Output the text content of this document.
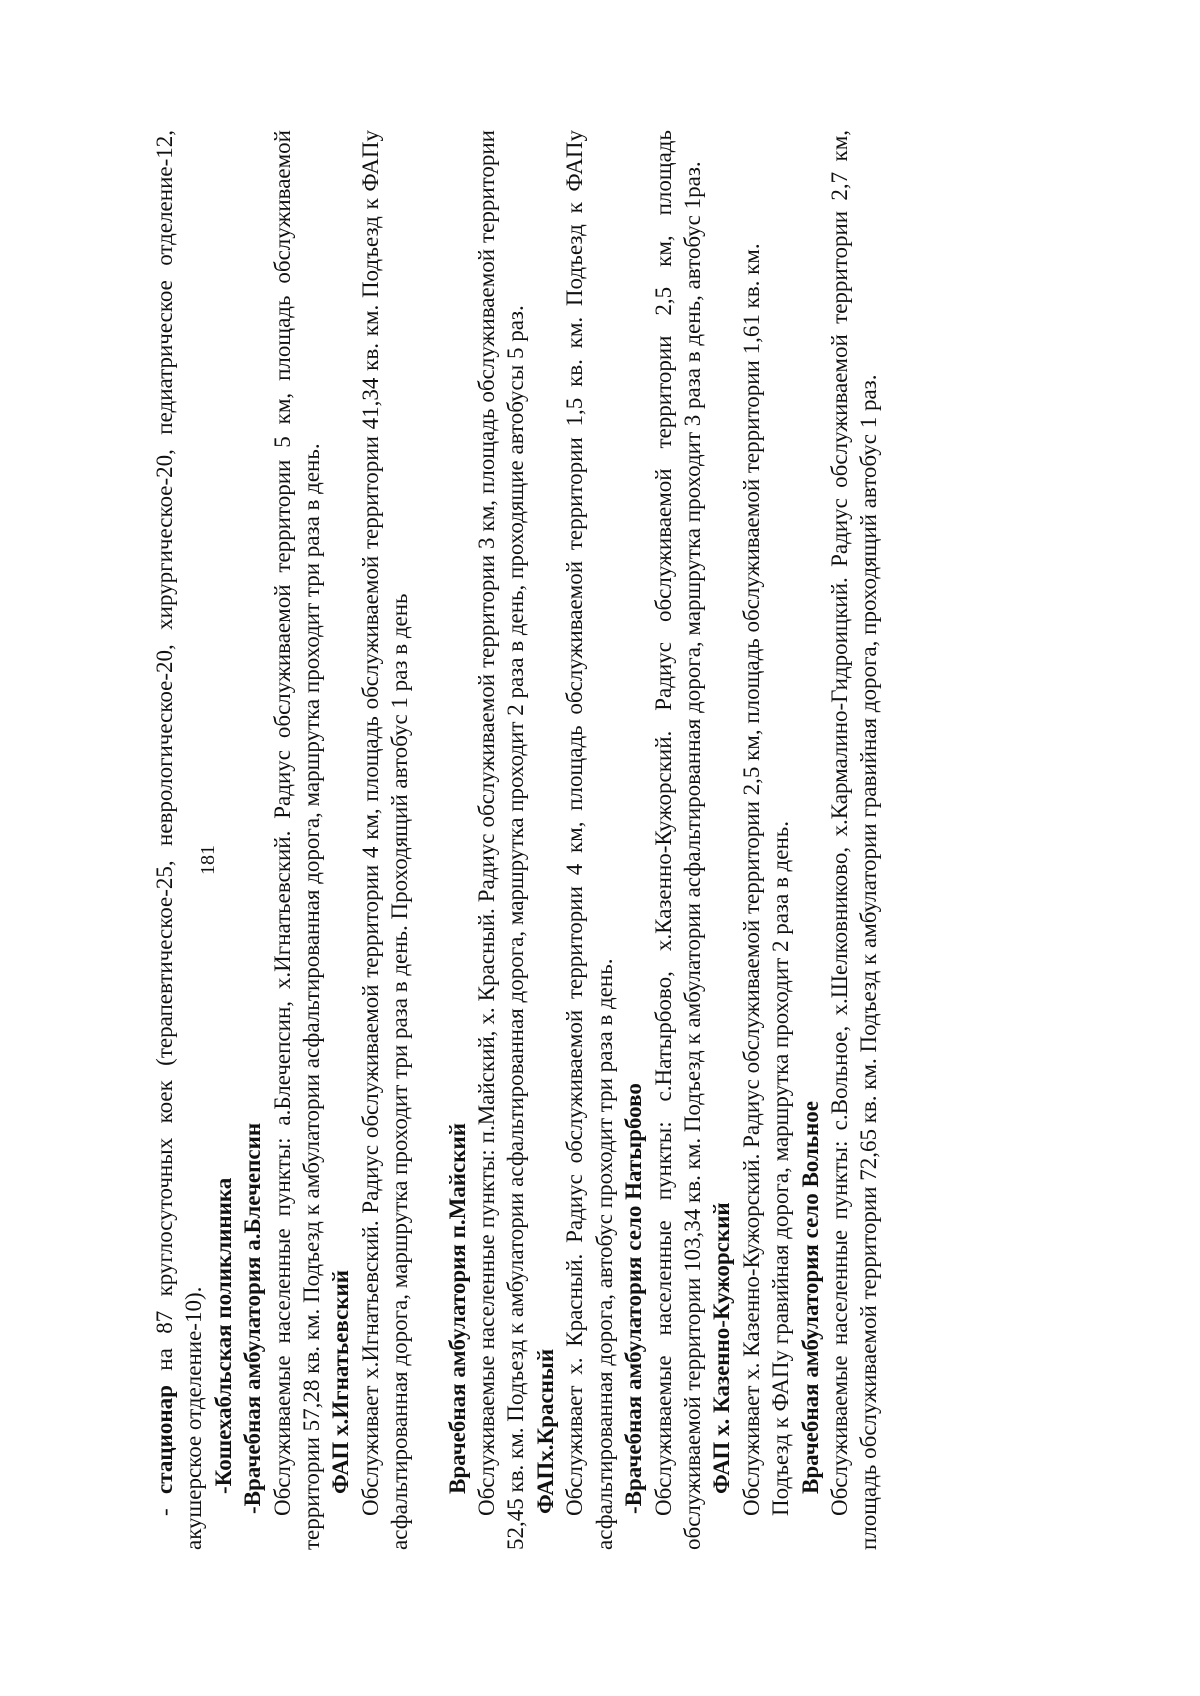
181

- стационар на 87 круглосуточных коек (терапевтическое-25, неврологическое-20, хирургическое-20, педиатрическое отделение-12, акушерское отделение-10). -Кошехабльская поликлиника -Врачебная амбулатория а.Блечепсин Обслуживаемые населенные пункты: а.Блечепсин, х.Игнатьевский. Радиус обслуживаемой территории 5 км, площадь обслуживаемой территории 57,28 кв. км. Подъезд к амбулатории асфальтированная дорога, маршрутка проходит три раза в день. ФАП х.Игнатьевский Обслуживает х.Игнатьевский. Радиус обслуживаемой территории 4 км, площадь обслуживаемой территории 41,34 кв. км. Подъезд к ФАПу асфальтированная дорога, маршрутка проходит три раза в день. Проходящий автобус 1 раз в день Врачебная амбулатория п.Майский Обслуживаемые населенные пункты: п.Майский, х. Красный. Радиус обслуживаемой территории 3 км, площадь обслуживаемой территории 52,45 кв. км. Подъезд к амбулатории асфальтированная дорога, маршрутка проходит 2 раза в день, проходящие автобусы 5 раз. ФАПх.Красный Обслуживает х. Красный. Радиус обслуживаемой территории 4 км, площадь обслуживаемой территории 1,5 кв. км. Подъезд к ФАПу асфальтированная дорога, автобус проходит три раза в день. -Врачебная амбулатория село Натырбово Обслуживаемые населенные пункты: с.Натырбово, х.Казенно-Кужорский. Радиус обслуживаемой территории 2,5 км, площадь обслуживаемой территории 103,34 кв. км. Подъезд к амбулатории асфальтированная дорога, маршрутка проходит 3 раза в день, автобус 1раз. ФАП х. Казенно-Кужорский Обслуживает х. Казенно-Кужорский. Радиус обслуживаемой территории 2,5 км, площадь обслуживаемой территории 1,61 кв. км. Подъезд к ФАПу гравийная дорога, маршрутка проходит 2 раза в день. Врачебная амбулатория село Вольное Обслуживаемые населенные пункты: с.Вольное, х.Шелковниково, х.Кармалино-Гидроицкий. Радиус обслуживаемой территории 2,7 км, площадь обслуживаемой территории 72,65 кв. км. Подъезд к амбулатории гравийная дорога, проходящий автобус 1 раз.
